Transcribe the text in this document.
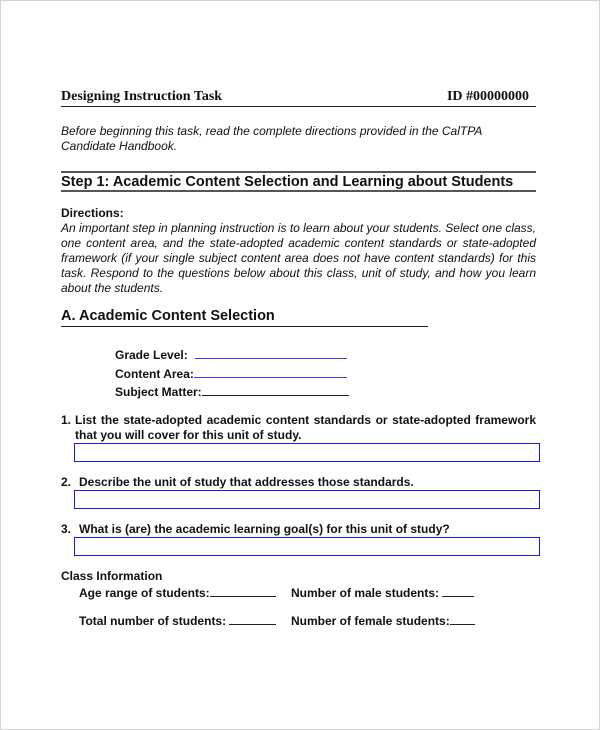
Designing Instruction Task	ID #00000000
Before beginning this task, read the complete directions provided in the CalTPA Candidate Handbook.
Step 1: Academic Content Selection and Learning about Students
Directions:
An important step in planning instruction is to learn about your students. Select one class, one content area, and the state-adopted academic content standards or state-adopted framework (if your single subject content area does not have content standards) for this task. Respond to the questions below about this class, unit of study, and how you learn about the students.
A. Academic Content Selection
Grade Level:
Content Area:
Subject Matter:
1. List the state-adopted academic content standards or state-adopted framework that you will cover for this unit of study.
2. Describe the unit of study that addresses those standards.
3. What is (are) the academic learning goal(s) for this unit of study?
Class Information
Age range of students:	Number of male students:
Total number of students:	Number of female students:
